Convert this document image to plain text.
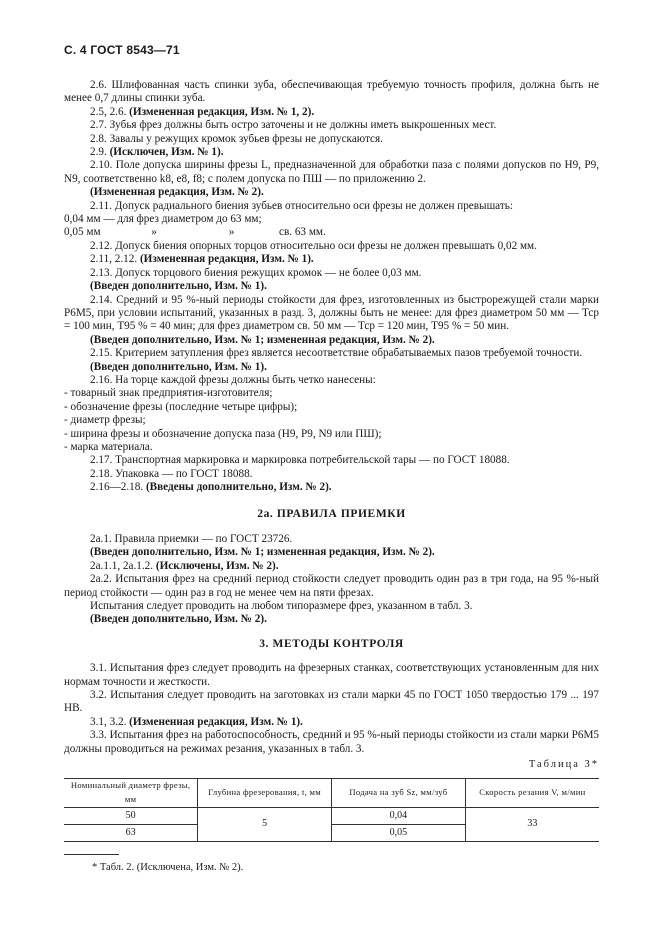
С. 4 ГОСТ 8543—71

2.6. Шлифованная часть спинки зуба, обеспечивающая требуемую точность профиля, должна быть не менее 0,7 длины спинки зуба.

2.5, 2.6. (Измененная редакция, Изм. № 1, 2).

2.7. Зубья фрез должны быть остро заточены и не должны иметь выкрошенных мест.

2.8. Завалы у режущих кромок зубьев фрезы не допускаются.

2.9. (Исключен, Изм. № 1).

2.10. Поле допуска ширины фрезы L, предназначенной для обработки паза с полями допусков по Н9, Р9, N9, соответственно k8, е8, f8; с полем допуска по ПШ — по приложению 2.

(Измененная редакция, Изм. № 2).

2.11. Допуск радиального биения зубьев относительно оси фрезы не должен превышать:

0,04 мм — для фрез диаметром до 63 мм;

0,05 мм	»	»	св. 63 мм.

2.12. Допуск биения опорных торцов относительно оси фрезы не должен превышать 0,02 мм.

2.11, 2.12. (Измененная редакция, Изм. № 1).

2.13. Допуск торцового биения режущих кромок — не более 0,03 мм.

(Введен дополнительно, Изм. № 1).

2.14. Средний и 95 %-ный периоды стойкости для фрез, изготовленных из быстрорежущей стали марки Р6М5, при условии испытаний, указанных в разд. 3, должны быть не менее: для фрез диаметром 50 мм — Тср = 100 мин, Т95 % = 40 мин; для фрез диаметром св. 50 мм — Тср = 120 мин, Т95 % = 50 мин.

(Введен дополнительно, Изм. № 1; измененная редакция, Изм. № 2).

2.15. Критерием затупления фрез является несоответствие обрабатываемых пазов требуемой точности.

(Введен дополнительно, Изм. № 1).

2.16. На торце каждой фрезы должны быть четко нанесены:

- товарный знак предприятия-изготовителя;

- обозначение фрезы (последние четыре цифры);

- диаметр фрезы;

- ширина фрезы и обозначение допуска паза (Н9, Р9, N9 или ПШ);

- марка материала.

2.17. Транспортная маркировка и маркировка потребительской тары — по ГОСТ 18088.

2.18. Упаковка — по ГОСТ 18088.

2.16—2.18. (Введены дополнительно, Изм. № 2).

2а. ПРАВИЛА ПРИЕМКИ

2а.1. Правила приемки — по ГОСТ 23726.

(Введен дополнительно, Изм. № 1; измененная редакция, Изм. № 2).

2а.1.1, 2а.1.2. (Исключены, Изм. № 2).

2а.2. Испытания фрез на средний период стойкости следует проводить один раз в три года, на 95 %-ный период стойкости — один раз в год не менее чем на пяти фрезах.

Испытания следует проводить на любом типоразмере фрез, указанном в табл. 3.

(Введен дополнительно, Изм. № 2).

3. МЕТОДЫ КОНТРОЛЯ

3.1. Испытания фрез следует проводить на фрезерных станках, соответствующих установленным для них нормам точности и жесткости.

3.2. Испытания следует проводить на заготовках из стали марки 45 по ГОСТ 1050 твердостью 179 ... 197 НВ.

3.1, 3.2. (Измененная редакция, Изм. № 1).

3.3. Испытания фрез на работоспособность, средний и 95 %-ный периоды стойкости из стали марки Р6М5 должны проводиться на режимах резания, указанных в табл. 3.

Таблица 3*
Номинальный диаметр фрезы, мм	Глубина фрезерования, t, мм	Подача на зуб Sz, мм/зуб	Скорость резания V, м/мин
50	5	0,04	33
63		0,05	
* Табл. 2. (Исключена, Изм. № 2).
